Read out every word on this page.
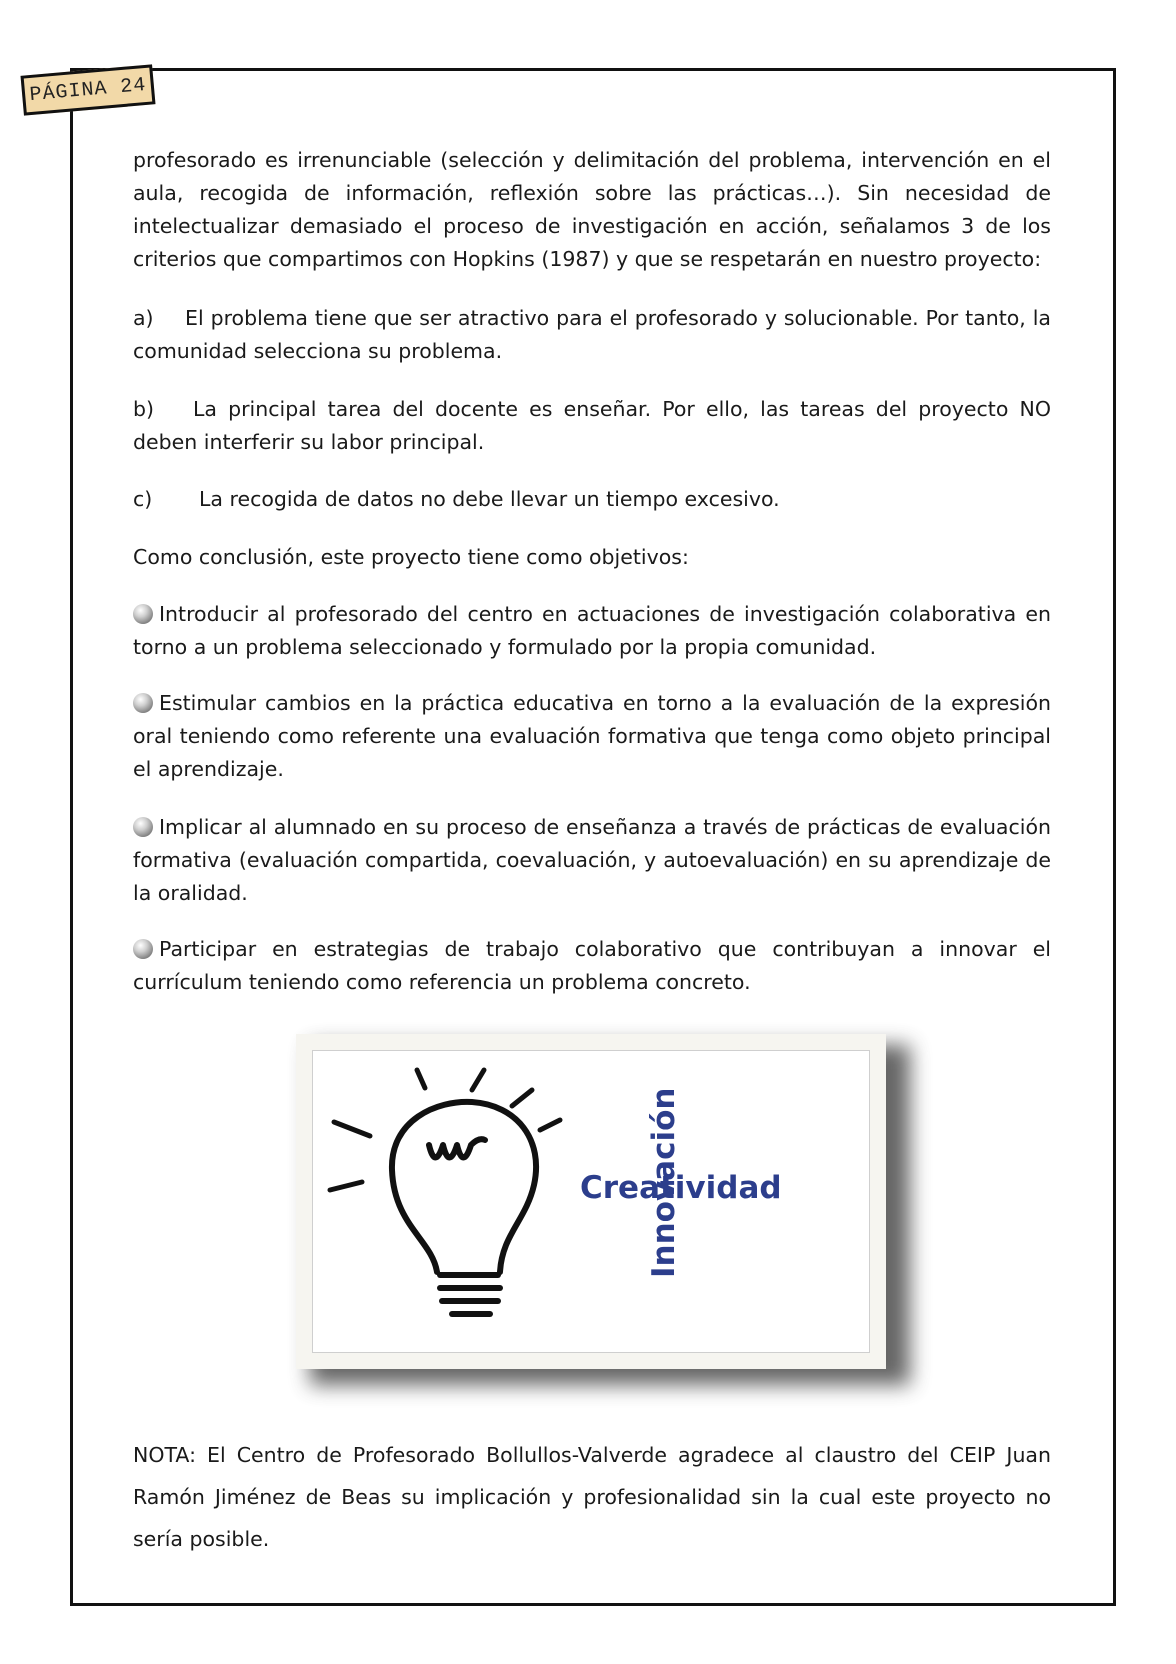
PÁGINA 24

profesorado es irrenunciable (selección y delimitación del problema, intervención en el aula, recogida de información, reflexión sobre las prácticas…). Sin necesidad de intelectualizar demasiado el proceso de investigación en acción, señalamos 3 de los criterios que compartimos con Hopkins (1987) y que se respetarán en nuestro proyecto:

a) El problema tiene que ser atractivo para el profesorado y solucionable. Por tanto, la comunidad selecciona su problema.

b) La principal tarea del docente es enseñar. Por ello, las tareas del proyecto NO deben interferir su labor principal.

c) La recogida de datos no debe llevar un tiempo excesivo.

Como conclusión, este proyecto tiene como objetivos:

Introducir al profesorado del centro en actuaciones de investigación colaborativa en torno a un problema seleccionado y formulado por la propia comunidad.

Estimular cambios en la práctica educativa en torno a la evaluación de la expresión oral teniendo como referente una evaluación formativa que tenga como objeto principal el aprendizaje.

Implicar al alumnado en su proceso de enseñanza a través de prácticas de evaluación formativa (evaluación compartida, coevaluación, y autoevaluación) en su aprendizaje de la oralidad.

Participar en estrategias de trabajo colaborativo que contribuyan a innovar el currículum teniendo como referencia un problema concreto.

Creatividad
Innovación

NOTA: El Centro de Profesorado Bollullos-Valverde agradece al claustro del CEIP Juan Ramón Jiménez de Beas su implicación y profesionalidad sin la cual este proyecto no sería posible.
